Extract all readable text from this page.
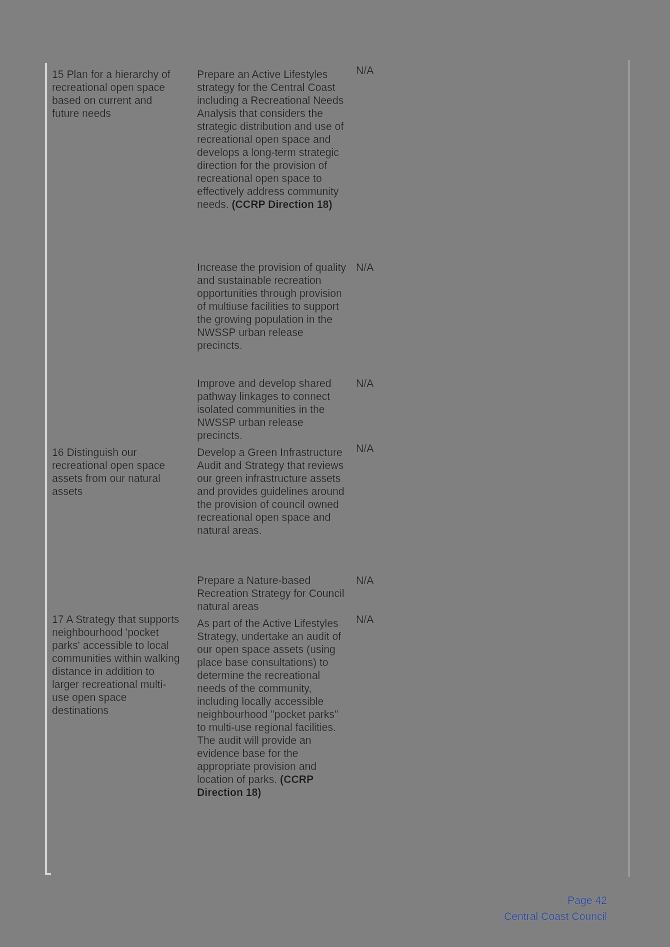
15 Plan for a hierarchy of recreational open space based on current and future needs
Prepare an Active Lifestyles strategy for the Central Coast including a Recreational Needs Analysis that considers the strategic distribution and use of recreational open space and develops a long-term strategic direction for the provision of recreational open space to effectively address community needs. (CCRP Direction 18)
N/A
Increase the provision of quality and sustainable recreation opportunities through provision of multiuse facilities to support the growing population in the NWSSP urban release precincts.
N/A
Improve and develop shared pathway linkages to connect isolated communities in the NWSSP urban release precincts.
N/A
16 Distinguish our recreational open space assets from our natural assets
Develop a Green Infrastructure Audit and Strategy that reviews our green infrastructure assets and provides guidelines around the provision of council owned recreational open space and natural areas.
N/A
Prepare a Nature-based Recreation Strategy for Council natural areas
N/A
17 A Strategy that supports neighbourhood 'pocket parks' accessible to local communities within walking distance in addition to larger recreational multi-use open space destinations
As part of the Active Lifestyles Strategy, undertake an audit of our open space assets (using place base consultations) to determine the recreational needs of the community, including locally accessible neighbourhood "pocket parks" to multi-use regional facilities. The audit will provide an evidence base for the appropriate provision and location of parks. (CCRP Direction 18)
N/A
Page 42
Central Coast Council
